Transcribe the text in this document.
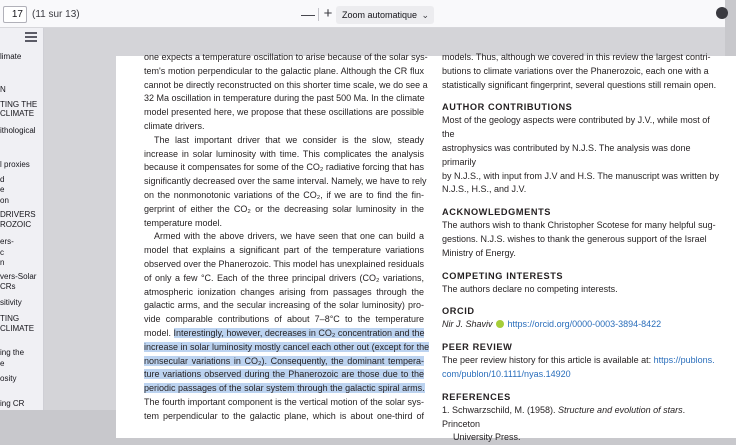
17 (11 sur 13)	— +	Zoom automatique ⌄
limate
N
TING THE
CLIMATE
ithological
l proxies
d
e
on
DRIVERS
ROZOIC
ers-
c
n
vers-Solar
CRs
sitivity
TING
CLIMATE
ing the
e
osity
ing CR

one expects a temperature oscillation to arise because of the solar sys-

tem's motion perpendicular to the galactic plane. Although the CR flux

cannot be directly reconstructed on this shorter time scale, we do see a

32 Ma oscillation in temperature during the past 500 Ma. In the climate

model presented here, we propose that these oscillations are possible

climate drivers.

The last important driver that we consider is the slow, steady

increase in solar luminosity with time. This complicates the analysis

because it compensates for some of the CO₂ radiative forcing that has

significantly decreased over the same interval. Namely, we have to rely

on the nonmonotonic variations of the CO₂, if we are to find the fin-

gerprint of either the CO₂ or the decreasing solar luminosity in the

temperature model.

Armed with the above drivers, we have seen that one can build a

model that explains a significant part of the temperature variations

observed over the Phanerozoic. This model has unexplained residuals

of only a few °C. Each of the three principal drivers (CO₂ variations,

atmospheric ionization changes arising from passages through the

galactic arms, and the secular increasing of the solar luminosity) pro-

vide comparable contributions of about 7–8°C to the temperature

model. Interestingly, however, decreases in CO₂ concentration and the

increase in solar luminosity mostly cancel each other out (except for the

nonsecular variations in CO₂). Consequently, the dominant tempera-

ture variations observed during the Phanerozoic are those due to the

periodic passages of the solar system through the galactic spiral arms.

The fourth important component is the vertical motion of the solar sys-

tem perpendicular to the galactic plane, which is about one-third of

models. Thus, although we covered in this review the largest contri-

butions to climate variations over the Phanerozoic, each one with a

statistically significant fingerprint, several questions still remain open.

AUTHOR CONTRIBUTIONS

Most of the geology aspects were contributed by J.V., while most of the

astrophysics was contributed by N.J.S. The analysis was done primarily

by N.J.S., with input from J.V and H.S. The manuscript was written by

N.J.S., H.S., and J.V.

ACKNOWLEDGMENTS

The authors wish to thank Christopher Scotese for many helpful sug-

gestions. N.J.S. wishes to thank the generous support of the Israel

Ministry of Energy.

COMPETING INTERESTS

The authors declare no competing interests.

ORCID

Nir J. Shaviv https://orcid.org/0000-0003-3894-8422

PEER REVIEW

The peer review history for this article is available at: https://publons.

com/publon/10.1111/nyas.14920

REFERENCES

1. Schwarzschild, M. (1958). Structure and evolution of stars. Princeton

University Press.
